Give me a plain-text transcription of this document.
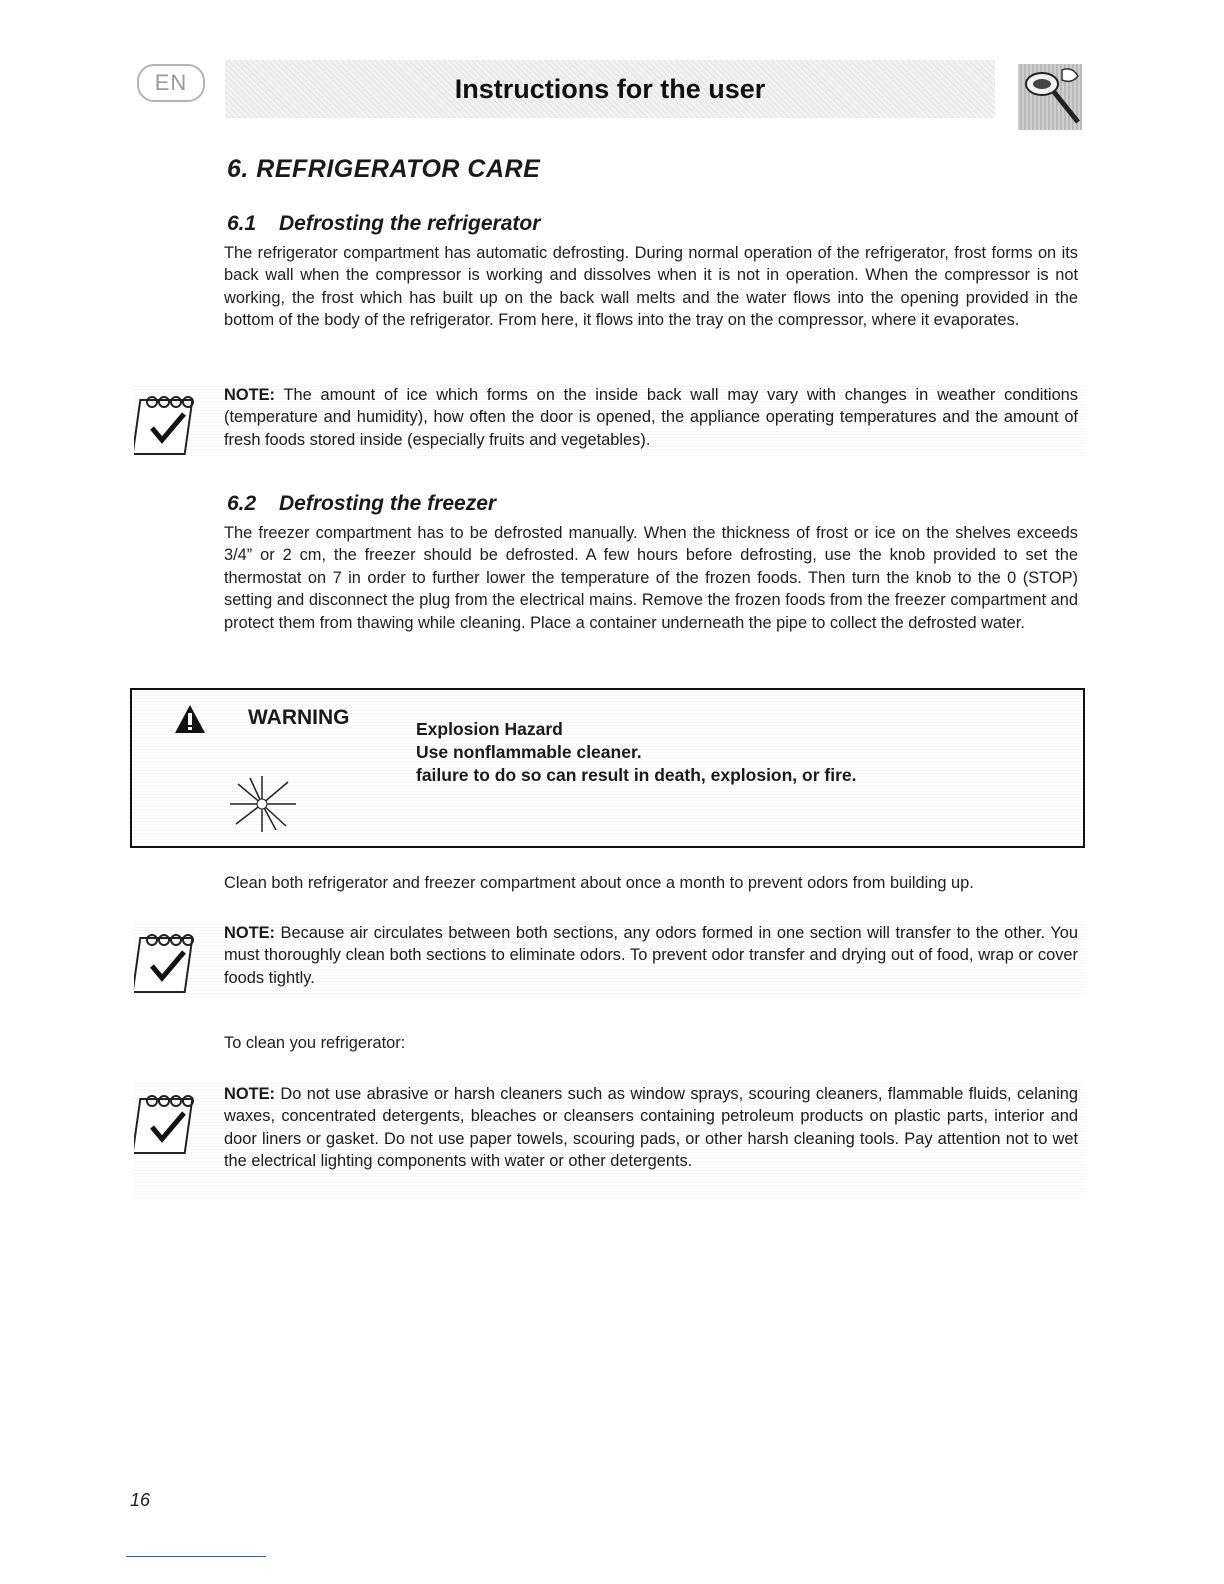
EN	Instructions for the user
6. REFRIGERATOR CARE
6.1 Defrosting the refrigerator
The refrigerator compartment has automatic defrosting. During normal operation of the refrigerator, frost forms on its back wall when the compressor is working and dissolves when it is not in operation. When the compressor is not working, the frost which has built up on the back wall melts and the water flows into the opening provided in the bottom of the body of the refrigerator. From here, it flows into the tray on the compressor, where it evaporates.
NOTE: The amount of ice which forms on the inside back wall may vary with changes in weather conditions (temperature and humidity), how often the door is opened, the appliance operating temperatures and the amount of fresh foods stored inside (especially fruits and vegetables).
6.2 Defrosting the freezer
The freezer compartment has to be defrosted manually. When the thickness of frost or ice on the shelves exceeds 3/4” or 2 cm, the freezer should be defrosted. A few hours before defrosting, use the knob provided to set the thermostat on 7 in order to further lower the temperature of the frozen foods. Then turn the knob to the 0 (STOP) setting and disconnect the plug from the electrical mains. Remove the frozen foods from the freezer compartment and protect them from thawing while cleaning. Place a container underneath the pipe to collect the defrosted water.
WARNING	Explosion Hazard
Use nonflammable cleaner.
failure to do so can result in death, explosion, or fire.
Clean both refrigerator and freezer compartment about once a month to prevent odors from building up.
NOTE: Because air circulates between both sections, any odors formed in one section will transfer to the other. You must thoroughly clean both sections to eliminate odors. To prevent odor transfer and drying out of food, wrap or cover foods tightly.
To clean you refrigerator:
NOTE: Do not use abrasive or harsh cleaners such as window sprays, scouring cleaners, flammable fluids, celaning waxes, concentrated detergents, bleaches or cleansers containing petroleum products on plastic parts, interior and door liners or gasket. Do not use paper towels, scouring pads, or other harsh cleaning tools. Pay attention not to wet the electrical lighting components with water or other detergents.
16
